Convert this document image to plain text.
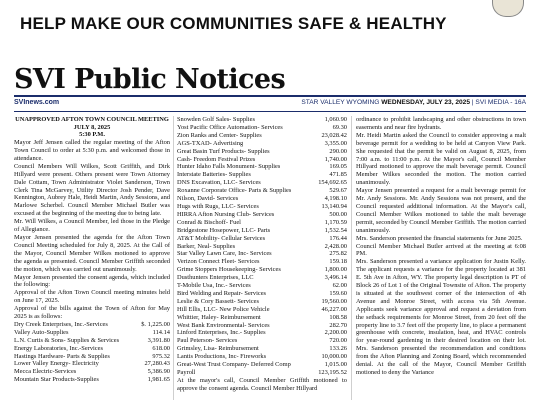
HELP MAKE OUR COMMUNITIES SAFE & HEALTHY
SVI Public Notices
SVInews.com	STAR VALLEY WYOMING WEDNESDAY, JULY 23, 2025 | SVI MEDIA - 16A

UNAPPROVED AFTON TOWN COUNCIL MEETING

JULY 8, 2025

5:30 P.M.

Mayor Jeff Jensen called the regular meeting of the Afton Town Council to order at 5:30 p.m. and welcomed those in attendance.

Council Members Will Wilkes, Scott Griffith, and Dirk Hillyard were present. Others present were Town Attorney Dale Cottam, Town Administrator Violet Sanderson, Town Clerk Tina McGarvey, Utility Director Josh Pender, Dave Kennington, Aubrey Hale, Heidi Martin, Andy Sessions, and Marlowe Scherbel. Council Member Michael Butler was excused at the beginning of the meeting due to being late.

Mr. Will Wilkes, a Council Member, led those in the Pledge of Allegiance.

Mayor Jensen presented the agenda for the Afton Town Council Meeting scheduled for July 8, 2025. At the Call of the Mayor, Council Member Wilkes motioned to approve the agenda as presented. Council Member Griffith seconded the motion, which was carried out unanimously.

Mayor Jensen presented the consent agenda, which included the following:

Approval of the Afton Town Council meeting minutes held on June 17, 2025.

Approval of the bills against the Town of Afton for May 2025 is as follows:

Dry Creek Enterprises, Inc.-Services	$. 1,225.00
Valley Auto-Supplies	114.14
L.N. Curtis & Sons- Supplies & Services	3,391.80
Energy Laboratories, Inc.-Services	618.00
Hastings Hardware- Parts & Supplies	975.32
Lower Valley Energy- Electricity	27,280.43
Mecca Electric-Services	5,386.90
Mountain Star Products-Supplies	1,981.65
Snowden Golf Sales- Supplies	1,060.90
Yost Pacific Office Automation- Services	69.30
Zion Ranks and Center- Supplies	23,028.42
AGS-TXAD- Advertising	3,355.00
Great Basin Turf Products- Supplies	290.00
Cash- Freedom Festival Prizes	1,740.00
Hunter Idaho Falls Monument- Supplies	169.05
Interstate Batteries- Supplies	471.85
DNS Excavation, LLC- Services	154,692.65
Roxanne Corporate Office- Parts & Supplies	529.67
Nilson, David- Services	4,198.10
Hugs with Rugs, LLC- Services	13,140.94
HIRRA Afton Nursing Club- Services	500.00
Conrad & Bischoff- Fuel	1,170.59
Bridgestone Hosepower, LLC- Parts	1,532.54
AT&T Mobility- Cellular Services	176.44
Barker, Neal- Supplies	2,428.00
Star Valley Lawn Care, Inc- Services	275.82
Verizon Connect Fleet- Services	159.18
Grime Stoppers Housekeeping- Services	1,800.00
Dusthunters Enterprises, LLC	3,496.14
T-Mobile Usa, Inc.- Services	62.00
Bird Welding and Repair- Services	159.60
Leslie & Cory Bassett- Services	19,560.00
Hill Ellis, LLC- New Police Vehicle	46,227.00
Whittier, Haley- Reimbursement	108.58
West Bank Environmental- Services	282.70
Linford Enterprises, Inc.- Supplies	2,200.00
Paul Peterson- Services	720.00
Grimsley, Lisa- Reimbursement	133.26
Lantis Productions, Inc- Fireworks	10,000.00
Great-West Trust Company- Deferred Comp	1,015.00
Payroll	123,195.52

At the mayor's call, Council Member Griffith motioned to approve the consent agenda. Council Member Hillyard

ordinance to prohibit landscaping and other obstructions in town easements and near fire hydrants.

Mr. Heidi Martin asked the Council to consider approving a malt beverage permit for a wedding to be held at Canyon View Park. She requested that the permit be valid on August 8, 2025, from 7:00 a.m. to 11:00 p.m. At the Mayor's call, Council Member Hillyard motioned to approve the malt beverage permit. Council Member Wilkes seconded the motion. The motion carried unanimously.

Mayor Jensen presented a request for a malt beverage permit for Mr. Andy Sessions. Mr. Andy Sessions was not present, and the Council requested additional information. At the Mayor's call, Council Member Wilkes motioned to table the malt beverage permit, seconded by Council Member Griffith. The motion carried unanimously.

Mrs. Sanderson presented the financial statements for June 2025.

Council Member Michael Butler arrived at the meeting at 6:08 PM.

Mrs. Sanderson presented a variance application for Justin Kelly. The applicant requests a variance for the property located at 381 E. 5th Ave in Afton, WY. The property legal description is PT of Block 26 of Lot 1 of the Original Townsite of Afton. The property is situated at the southwest corner of the intersection of 4th Avenue and Monroe Street, with access via 5th Avenue. Applicants seek variance approval and request a deviation from the setback requirements for Monroe Street, from 20 feet off the property line to 3.7 feet off the property line, to place a permanent greenhouse with concrete, insulation, heat, and HVAC controls for year-round gardening in their desired location on their lot. Mrs. Sanderson presented the recommendation and conditions from the Afton Planning and Zoning Board, which recommended denial. At the call of the Mayor, Council Member Griffith motioned to deny the Variance
